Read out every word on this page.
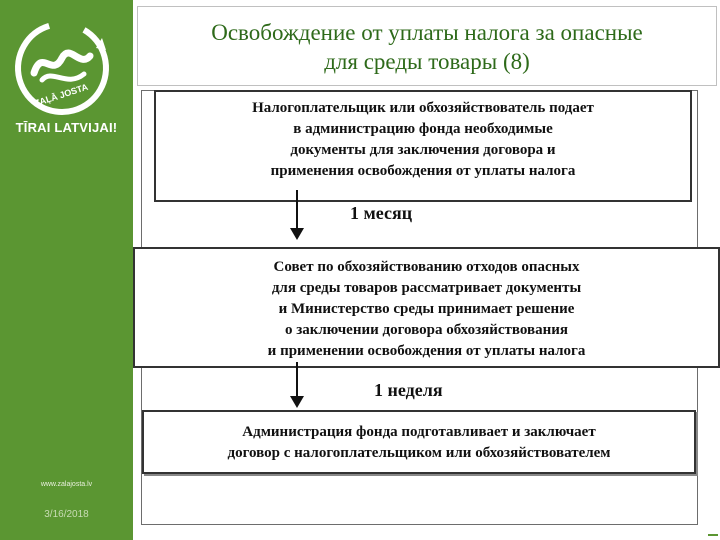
ZAĻĀ JOSTA
TĪRAI LATVIJAI!
www.zalajosta.lv
3/16/2018
Освобождение от уплаты налога за опасные
для среды товары (8)
Налогоплательщик или обхозяйствователь подает
в администрацию фонда необходимые
документы для заключения договора и
применения освобождения от уплаты налога
1 месяц
Совет по обхозяйствованию отходов опасных
для среды товаров рассматривает документы
и Министерство среды принимает решение
о заключении договора обхозяйствования
и применении освобождения от уплаты налога
1 неделя
Администрация фонда подготавливает и заключает
договор с налогоплательщиком или обхозяйствователем
